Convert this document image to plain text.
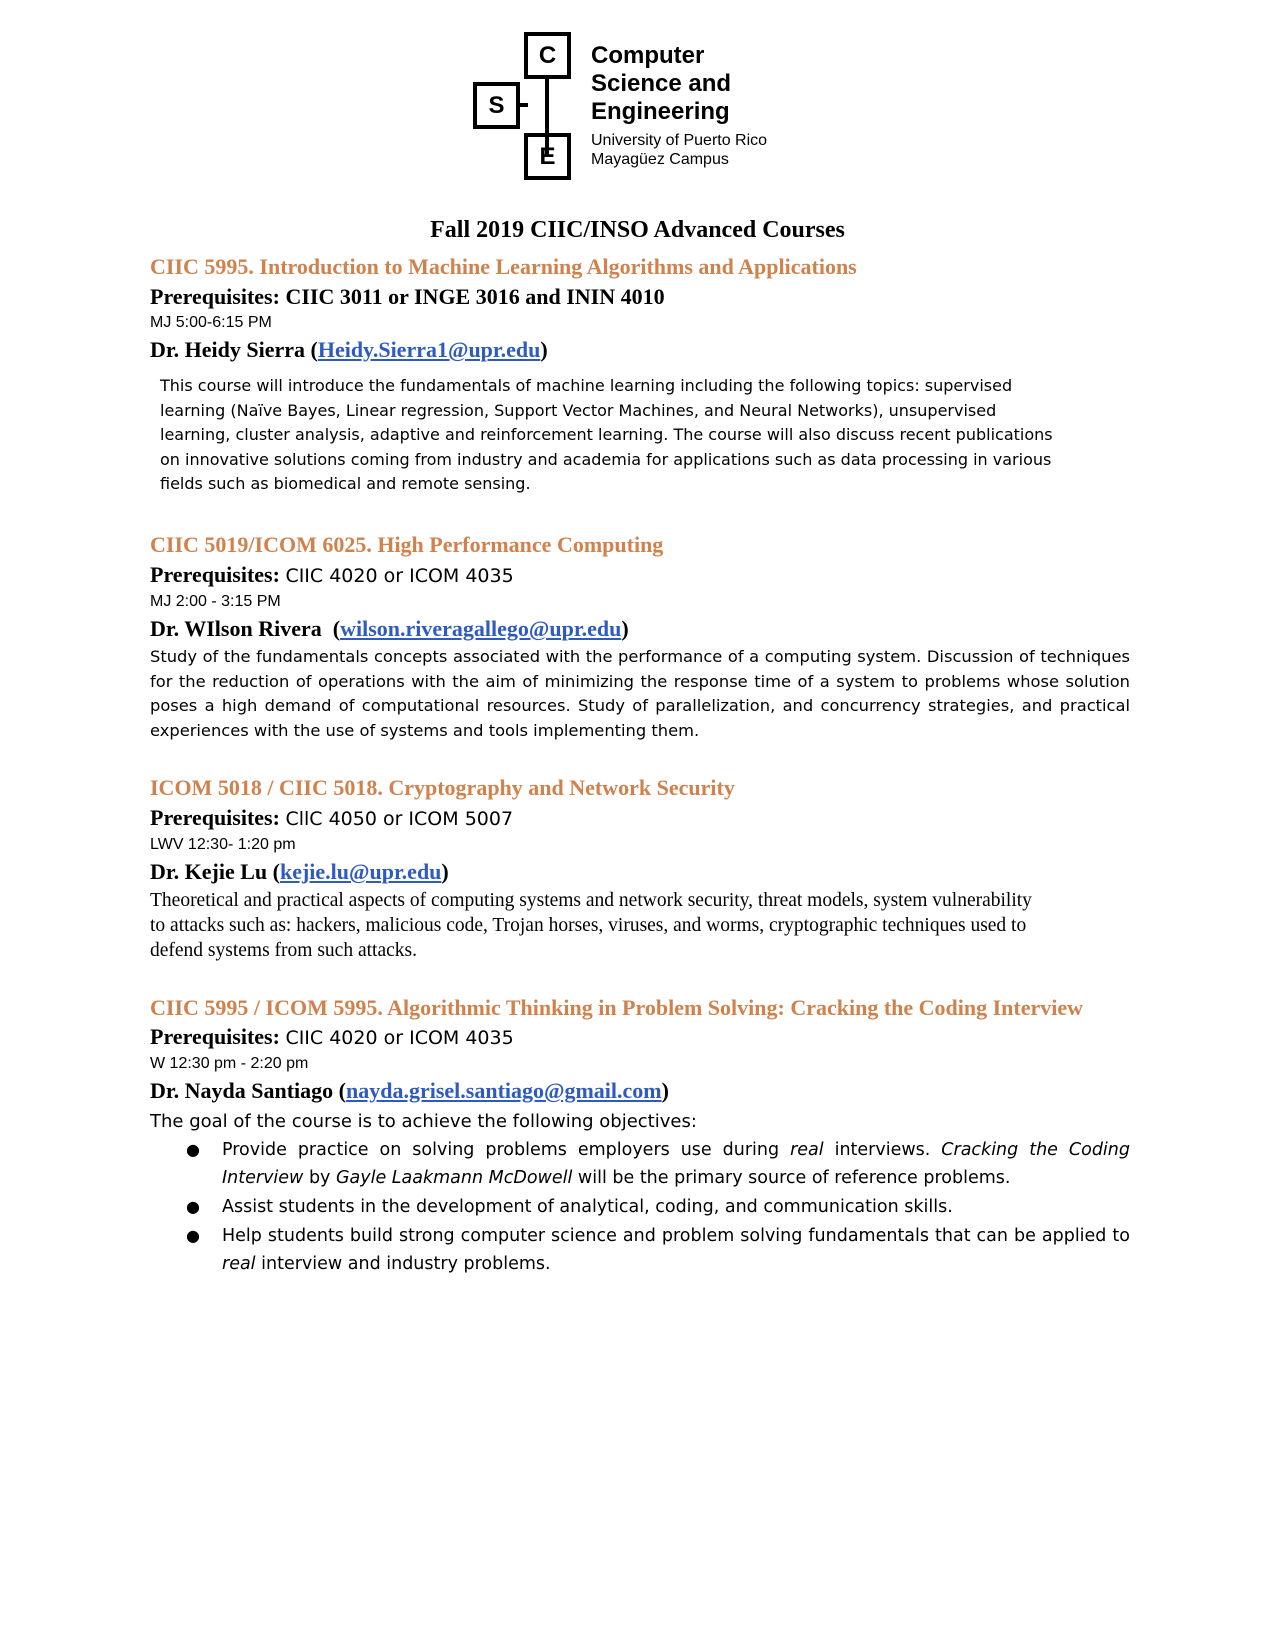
C
S
E
Computer
Science and
Engineering
University of Puerto Rico
Mayagüez Campus
Fall 2019 CIIC/INSO Advanced Courses
CIIC 5995. Introduction to Machine Learning Algorithms and Applications
Prerequisites: CIIC 3011 or INGE 3016 and ININ 4010
MJ 5:00-6:15 PM
Dr. Heidy Sierra (Heidy.Sierra1@upr.edu)
This course will introduce the fundamentals of machine learning including the following topics: supervised learning (Naïve Bayes, Linear regression, Support Vector Machines, and Neural Networks), unsupervised learning, cluster analysis, adaptive and reinforcement learning. The course will also discuss recent publications on innovative solutions coming from industry and academia for applications such as data processing in various fields such as biomedical and remote sensing.
CIIC 5019/ICOM 6025. High Performance Computing
Prerequisites: CIIC 4020 or ICOM 4035
MJ 2:00 - 3:15 PM
Dr. WIlson Rivera  (wilson.riveragallego@upr.edu)
Study of the fundamentals concepts associated with the performance of a computing system. Discussion of techniques for the reduction of operations with the aim of minimizing the response time of a system to problems whose solution poses a high demand of computational resources. Study of parallelization, and concurrency strategies, and practical experiences with the use of systems and tools implementing them.
ICOM 5018 / CIIC 5018. Cryptography and Network Security
Prerequisites: CllC 4050 or ICOM 5007
LWV 12:30- 1:20 pm
Dr. Kejie Lu (kejie.lu@upr.edu)
Theoretical and practical aspects of computing systems and network security, threat models, system vulnerability to attacks such as: hackers, malicious code, Trojan horses, viruses, and worms, cryptographic techniques used to defend systems from such attacks.
CIIC 5995 / ICOM 5995. Algorithmic Thinking in Problem Solving: Cracking the Coding Interview
Prerequisites: CIIC 4020 or ICOM 4035
W 12:30 pm - 2:20 pm
Dr. Nayda Santiago (nayda.grisel.santiago@gmail.com)
The goal of the course is to achieve the following objectives:
● Provide practice on solving problems employers use during real interviews. Cracking the Coding Interview by Gayle Laakmann McDowell will be the primary source of reference problems.
● Assist students in the development of analytical, coding, and communication skills.
● Help students build strong computer science and problem solving fundamentals that can be applied to real interview and industry problems.
